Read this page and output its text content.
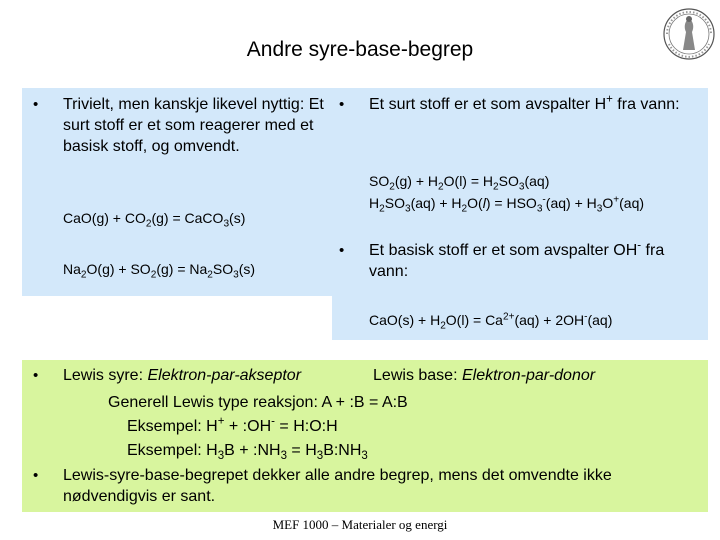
Andre syre-base-begrep
• Trivielt, men kanskje likevel nyttig: Et surt stoff er et som reagerer med et basisk stoff, og omvendt.
$CaO(g) + CO_2(g)$ = CaCO$_3$(s)
$Na_2O(g) + SO_2(g) = Na_2SO_3(s)$
• Et surt stoff er et som avspalter H+ fra vann:
$SO_2(g) + H_2O(l) = H_2SO_3(aq)$
$H_2SO_3(aq) + H_2O(l) = HSO_3^-(aq) + H_3O^+(aq)$
• Et basisk stoff er et som avspalter OH- fra vann:
$CaO(s) + H_2O(l) = Ca^{2+}(aq) + 2OH^-(aq)$
• Lewis syre: Elektron-par-akseptor	Lewis base: Elektron-par-donor
Generell Lewis type reaksjon: A + :B = A:B
Eksempel: H+ + :OH- = H:O:H
Eksempel: $H_3B$ + $:NH_3$ = $H_3B:NH_3$
• Lewis-syre-base-begrepet dekker alle andre begrep, mens det omvendte ikke nødvendigvis er sant.
MEF 1000 – Materialer og energi
